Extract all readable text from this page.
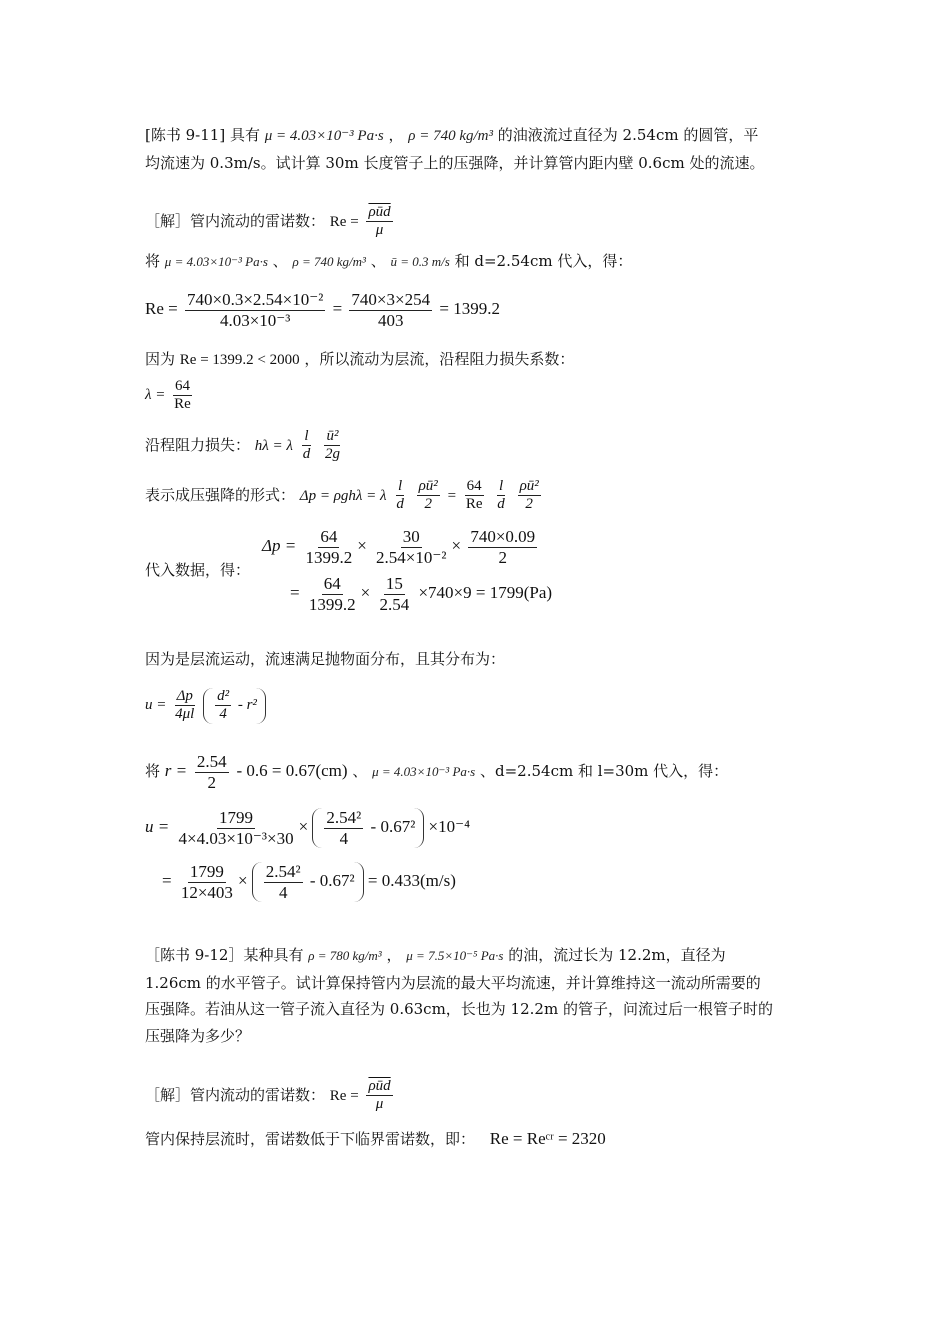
[陈书 9-11] 具有 μ = 4.03×10⁻³ Pa·s ， ρ = 740 kg/m³ 的油液流过直径为 2.54cm 的圆管，平
均流速为 0.3m/s。试计算 30m 长度管子上的压强降，并计算管内距内壁 0.6cm 处的流速。
［解］管内流动的雷诺数： $Re = \frac{\overline{\rho ūd}}{\mu}$
将 μ = 4.03×10⁻³ Pa·s 、 ρ = 740 kg/m³ 、 ū = 0.3 m/s 和 d=2.54cm 代入，得：
$Re = \frac{\text{740×0.3×2.54×10⁻²}}{\text{4.03×10⁻³}} = \frac{740\times 3\times 254}{403} = 1399.2$
因为 Re = 1399.2 < 2000 ，所以流动为层流，沿程阻力损失系数：
$\lambda = \frac{64}{Re}$
沿程阻力损失： hλ = λ $\frac{l}{d}$
$\frac{\text{ū²}}{2g}$
表示成压强降的形式： Δp = ρghλ = λ $\frac{l}{d}$
$\frac{\text{ρū²}}{2} = \frac{64}{Re}$
$\frac{l}{d}$
$\frac{\text{ρū²}}{2}$
代入数据，得：
$\Delta p = \frac{64}{1399.2} \times \frac{30}{\text{2.54×10⁻²}} \times \frac{740\times 0.09}{2}$
= $\frac{64}{1399.2} \times \frac{15}{2.54} \times 740\times 9 = 1799(Pa)$
因为是层流运动，流速满足抛物面分布，且其分布为：
$u = \frac{\Delta p}{4\mu l}$
$\frac{\text{d²}}{4} - r^2$
将 $r = \frac{2.54}{2} - 0.6 = 0.67(cm)$ 、 μ = 4.03×10⁻³ Pa·s 、d=2.54cm 和 l=30m 代入，得：
$u = \frac{1799}{\text{4×4.03×10⁻³×30}} \times \frac{\text{2.54²}}{4} - 0.67^2 \times 10^{-4}$
= $\frac{1799}{12\times 403} \times \frac{\text{2.54²}}{4} - 0.67^2 = 0.433(m/s)$
［陈书 9-12］某种具有 ρ = 780 kg/m³ ， μ = 7.5×10⁻⁵ Pa·s 的油，流过长为 12.2m，直径为
1.26cm 的水平管子。试计算保持管内为层流的最大平均流速，并计算维持这一流动所需要的
压强降。若油从这一管子流入直径为 0.63cm，长也为 12.2m 的管子，问流过后一根管子时的
压强降为多少？
［解］管内流动的雷诺数： $Re = \frac{\overline{\rho ūd}}{\mu}$
管内保持层流时，雷诺数低于下临界雷诺数，即： Re = Reᶜʳ = 2320
